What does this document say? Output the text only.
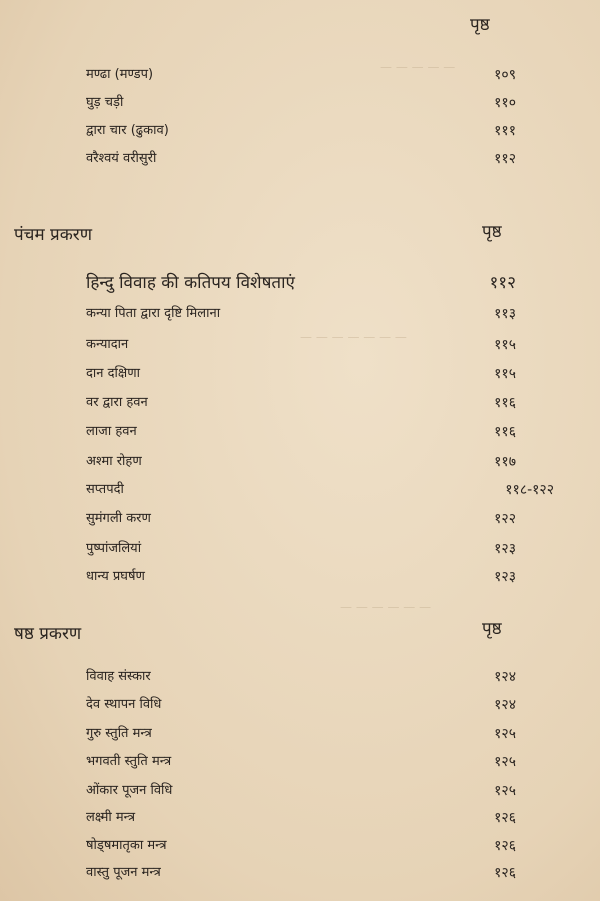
— — — — —
— — — — — — —
— — — — — —
पृष्ठ
मण्ढा (मण्डप)	१०९
घुड़ चड़ी	११०
द्वारा चार (ढुकाव)	१११
वरैश्वयं वरीसुरी	११२
पंचम प्रकरण	पृष्ठ
हिन्दु विवाह की कतिपय विशेषताएं	११२
कन्या पिता द्वारा दृष्टि मिलाना	११३
कन्यादान	११५
दान दक्षिणा	११५
वर द्वारा हवन	११६
लाजा हवन	११६
अश्मा रोहण	११७
सप्तपदी	११८-१२२
सुमंगली करण	१२२
पुष्पांजलियां	१२३
धान्य प्रघर्षण	१२३
षष्ठ प्रकरण	पृष्ठ
विवाह संस्कार	१२४
देव स्थापन विधि	१२४
गुरु स्तुति मन्त्र	१२५
भगवती स्तुति मन्त्र	१२५
ओंकार पूजन विधि	१२५
लक्ष्मी मन्त्र	१२६
षोड्षमातृका मन्त्र	१२६
वास्तु पूजन मन्त्र	१२६
